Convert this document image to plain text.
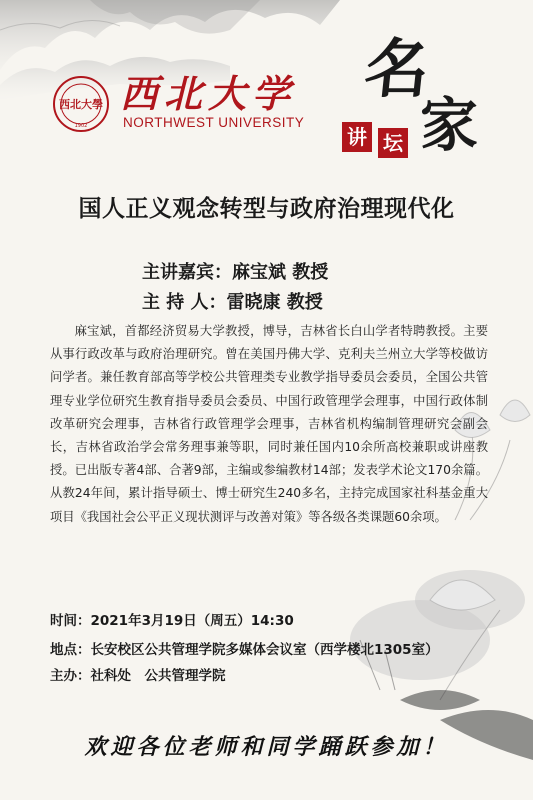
西北大學
1902
西北大学
NORTHWEST UNIVERSITY
名
家
讲 坛
国人正义观念转型与政府治理现代化
主讲嘉宾：麻宝斌 教授
主 持 人：雷晓康 教授
麻宝斌，首都经济贸易大学教授，博导，吉林省长白山学者特聘教授。主要从事行政改革与政府治理研究。曾在美国丹佛大学、克利夫兰州立大学等校做访问学者。兼任教育部高等学校公共管理类专业教学指导委员会委员，全国公共管理专业学位研究生教育指导委员会委员、中国行政管理学会理事，中国行政体制改革研究会理事，吉林省行政管理学会理事，吉林省机构编制管理研究会副会长，吉林省政治学会常务理事兼等职，同时兼任国内10余所高校兼职或讲座教授。已出版专著4部、合著9部，主编或参编教材14部；发表学术论文170余篇。从教24年间，累计指导硕士、博士研究生240多名，主持完成国家社科基金重大项目《我国社会公平正义现状测评与改善对策》等各级各类课题60余项。
时间：2021年3月19日（周五）14:30
地点：长安校区公共管理学院多媒体会议室（西学楼北1305室）
主办：社科处　公共管理学院
欢迎各位老师和同学踊跃参加！
